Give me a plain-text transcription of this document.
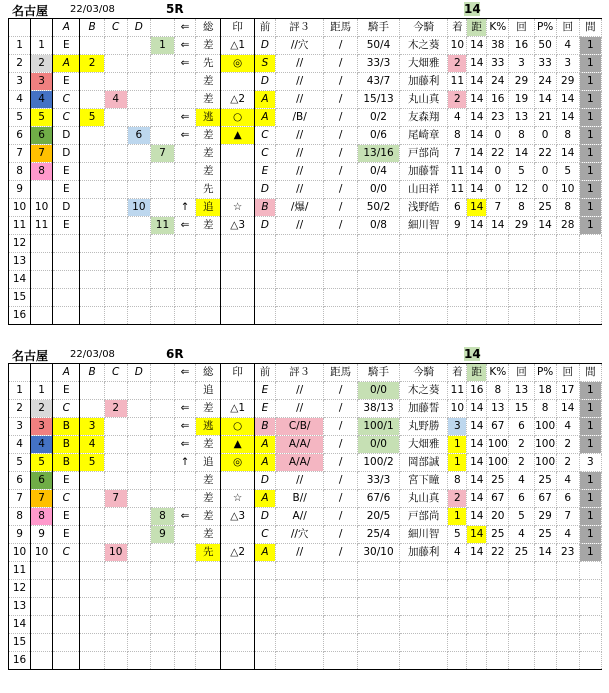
名古屋 22/03/08	5R	14
		A	B	C	D		⇐	総	印	前	評３	距馬	騎手	今騎	着	距	K%	回	P%	回	間
1	1	E				1	⇐	差	△1	D	//穴	/	50/4	木之葵	10	14	38	16	50	4	1
2	2	A	2				⇐	先	◎	S	//	/	33/3	大畑雅	2	14	33	3	33	3	1
3	3	E						差		D	//	/	43/7	加藤利	11	14	24	29	24	29	1
4	4	C		4				差	△2	A	//	/	15/13	丸山真	2	14	16	19	14	14	1
5	5	C	5				⇐	逃	○	A	/B/	/	0/2	友森翔	4	14	23	13	21	14	1
6	6	D			6		⇐	差	▲	C	//	/	0/6	尾崎章	8	14	0	8	0	8	1
7	7	D				7		差		C	//	/	13/16	戸部尚	7	14	22	14	22	14	1
8	8	E						差		E	//	/	0/4	加藤誓	11	14	0	5	0	5	1
9		E						先		D	//	/	0/0	山田祥	11	14	0	12	0	10	1
10	10	D			10		↑	追	☆	B	/爆/	/	50/2	浅野皓	6	14	7	8	25	8	1
11	11	E				11	⇐	差	△3	D	//	/	0/8	細川智	9	14	14	29	14	28	1
12																					
13																					
14																					
15																					
16																					
名古屋 22/03/08	6R	14
		A	B	C	D		⇐	総	印	前	評３	距馬	騎手	今騎	着	距	K%	回	P%	回	間
1	1	E						追		E	//	/	0/0	木之葵	11	16	8	13	18	17	1
2	2	C		2			⇐	差	△1	E	//	/	38/13	加藤誓	10	14	13	15	8	14	1
3	3	B	3				⇐	逃	○	B	C/B/	/	100/1	丸野勝	3	14	67	6	100	4	1
4	4	B	4				⇐	差	▲	A	A/A/	/	0/0	大畑雅	1	14	100	2	100	2	1
5	5	B	5				↑	追	◎	A	A/A/	/	100/2	岡部誠	1	14	100	2	100	2	3
6	6	E						差		D	//	/	33/3	宮下瞳	8	14	25	4	25	4	1
7	7	C		7				差	☆	A	B//	/	67/6	丸山真	2	14	67	6	67	6	1
8	8	E				8	⇐	差	△3	D	A//	/	20/5	戸部尚	1	14	20	5	29	7	1
9	9	E				9		差		C	//穴	/	25/4	細川智	5	14	25	4	25	4	1
10	10	C		10				先	△2	A	//	/	30/10	加藤利	4	14	22	25	14	23	1
11																					
12																					
13																					
14																					
15																					
16																					
